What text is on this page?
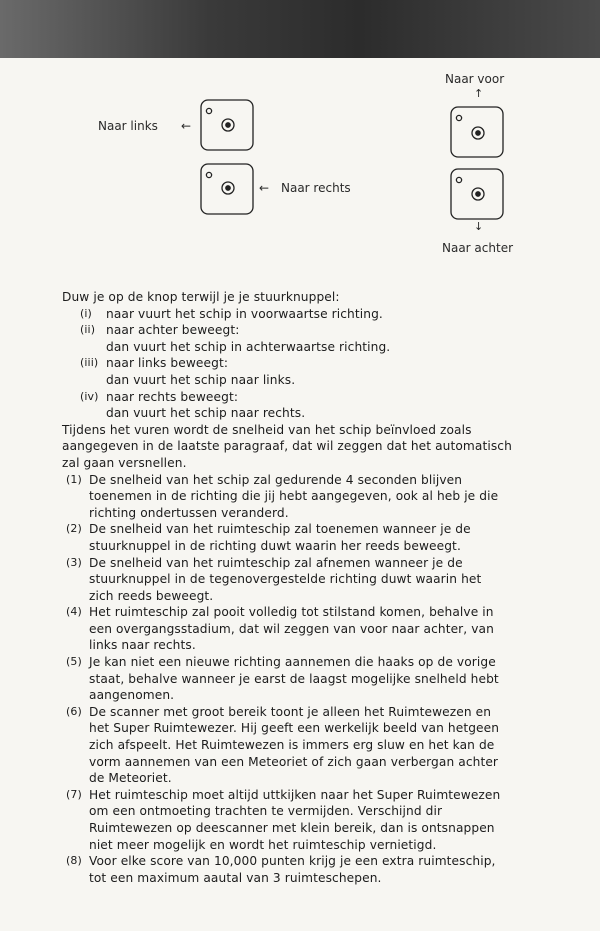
Naar links ←
← Naar rechts
Naar voor
↑
↓
Naar achter

Duw je op de knop terwijl je je stuurknuppel:

(i) naar vuurt het schip in voorwaartse richting.
(ii) naar achter beweegt:
dan vuurt het schip in achterwaartse richting.
(iii) naar links beweegt:
dan vuurt het schip naar links.
(iv) naar rechts beweegt:
dan vuurt het schip naar rechts.
Tijdens het vuren wordt de snelheid van het schip beïnvloed zoals
aangegeven in de laatste paragraaf, dat wil zeggen dat het automatisch
zal gaan versnellen.
(1) De snelheid van het schip zal gedurende 4 seconden blijven
toenemen in de richting die jij hebt aangegeven, ook al heb je die
richting ondertussen veranderd.
(2) De snelheid van het ruimteschip zal toenemen wanneer je de
stuurknuppel in de richting duwt waarin her reeds beweegt.
(3) De snelheid van het ruimteschip zal afnemen wanneer je de
stuurknuppel in de tegenovergestelde richting duwt waarin het
zich reeds beweegt.
(4) Het ruimteschip zal pooit volledig tot stilstand komen, behalve in
een overgangsstadium, dat wil zeggen van voor naar achter, van
links naar rechts.
(5) Je kan niet een nieuwe richting aannemen die haaks op de vorige
staat, behalve wanneer je earst de laagst mogelijke snelheld hebt
aangenomen.
(6) De scanner met groot bereik toont je alleen het Ruimtewezen en
het Super Ruimtewezer. Hij geeft een werkelijk beeld van hetgeen
zich afspeelt. Het Ruimtewezen is immers erg sluw en het kan de
vorm aannemen van een Meteoriet of zich gaan verbergan achter
de Meteoriet.
(7) Het ruimteschip moet altijd uttkijken naar het Super Ruimtewezen
om een ontmoeting trachten te vermijden. Verschijnd dir
Ruimtewezen op deescanner met klein bereik, dan is ontsnappen
niet meer mogelijk en wordt het ruimteschip vernietigd.
(8) Voor elke score van 10,000 punten krijg je een extra ruimteschip,
tot een maximum aautal van 3 ruimteschepen.
